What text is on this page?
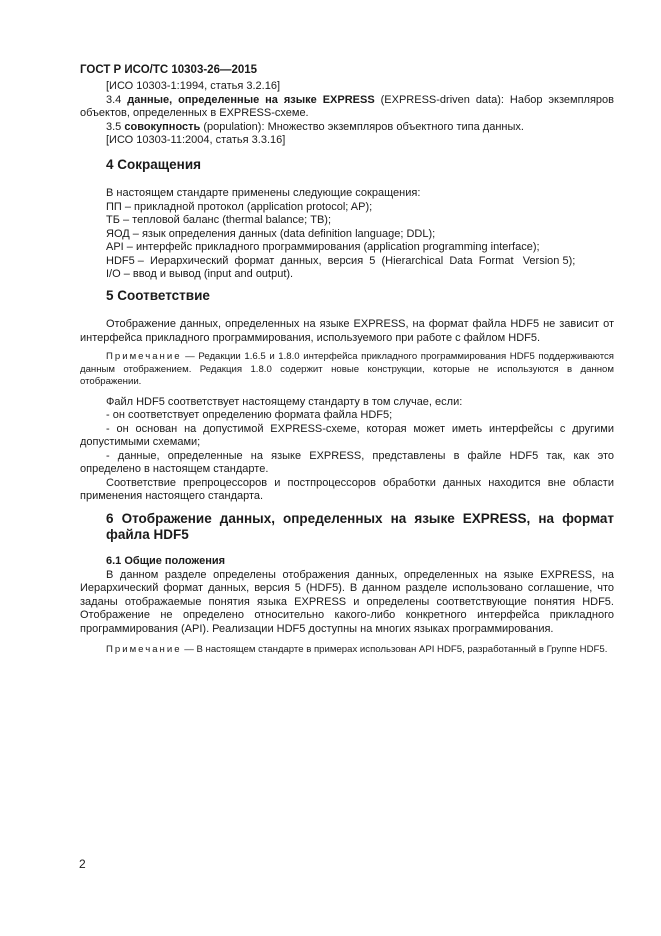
ГОСТ Р ИСО/ТС 10303-26—2015

[ИСО 10303-1:1994, статья 3.2.16]

3.4 данные, определенные на языке EXPRESS (EXPRESS-driven data): Набор экземпляров объектов, определенных в EXPRESS-схеме.

3.5 совокупность (population): Множество экземпляров объектного типа данных.

[ИСО 10303-11:2004, статья 3.3.16]

4 Сокращения

В настоящем стандарте применены следующие сокращения:

ПП – прикладной протокол (application protocol; AP);

ТБ – тепловой баланс (thermal balance; ТВ);

ЯОД – язык определения данных (data definition language; DDL);

API – интерфейс прикладного программирования (application programming interface);

HDF5 –  Иерархический  формат  данных,  версия  5  (Hierarchical  Data  Format   Version 5);

I/O – ввод и вывод (input and output).

5 Соответствие

Отображение данных, определенных на языке EXPRESS, на формат файла HDF5 не зависит от интерфейса прикладного программирования, используемого при работе с файлом HDF5.

Примечание — Редакции 1.6.5 и 1.8.0 интерфейса прикладного программирования HDF5 поддерживаются данным отображением. Редакция 1.8.0 содержит новые конструкции, которые не используются в данном отображении.

Файл HDF5 соответствует настоящему стандарту в том случае, если:

- он соответствует определению формата файла HDF5;

- он основан на допустимой EXPRESS-схеме, которая может иметь интерфейсы с другими допустимыми схемами;

- данные, определенные на языке EXPRESS, представлены в файле HDF5 так, как это определено в настоящем стандарте.

Соответствие препроцессоров и постпроцессоров обработки данных находится вне области применения настоящего стандарта.

6 Отображение данных, определенных на языке EXPRESS, на формат файла HDF5

6.1 Общие положения

В данном разделе определены отображения данных, определенных на языке EXPRESS, на Иерархический формат данных, версия 5 (HDF5). В данном разделе использовано соглашение, что заданы отображаемые понятия языка EXPRESS и определены соответствующие понятия HDF5. Отображение не определено относительно какого-либо конкретного интерфейса прикладного программирования (API). Реализации HDF5 доступны на многих языках программирования.

Примечание — В настоящем стандарте в примерах использован API HDF5, разработанный в Группе HDF5.

2
